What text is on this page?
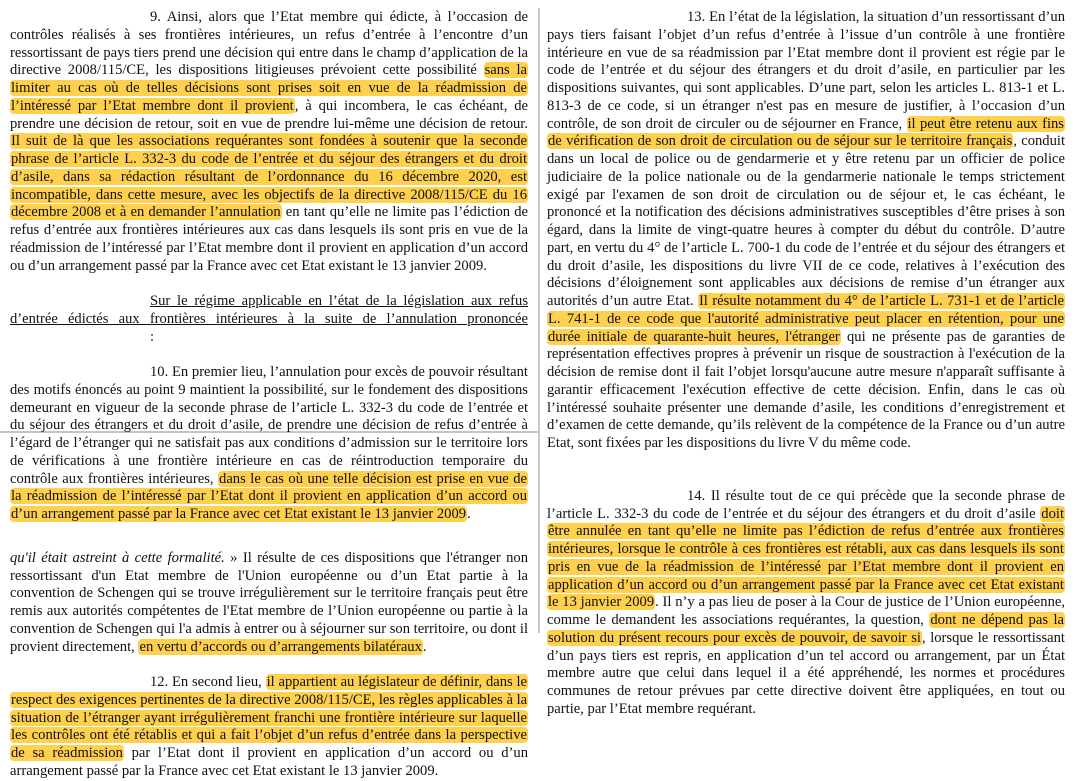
9. Ainsi, alors que l’Etat membre qui édicte, à l’occasion de contrôles réalisés à ses frontières intérieures, un refus d’entrée à l’encontre d’un ressortissant de pays tiers prend une décision qui entre dans le champ d’application de la directive 2008/115/CE, les dispositions litigieuses prévoient cette possibilité sans la limiter au cas où de telles décisions sont prises soit en vue de la réadmission de l’intéressé par l’Etat membre dont il provient, à qui incombera, le cas échéant, de prendre une décision de retour, soit en vue de prendre lui-même une décision de retour. Il suit de là que les associations requérantes sont fondées à soutenir que la seconde phrase de l’article L. 332-3 du code de l’entrée et du séjour des étrangers et du droit d’asile, dans sa rédaction résultant de l’ordonnance du 16 décembre 2020, est incompatible, dans cette mesure, avec les objectifs de la directive 2008/115/CE du 16 décembre 2008 et à en demander l’annulation en tant qu’elle ne limite pas l’édiction de refus d’entrée aux frontières intérieures aux cas dans lesquels ils sont pris en vue de la réadmission de l’intéressé par l’Etat membre dont il provient en application d’un accord ou d’un arrangement passé par la France avec cet Etat existant le 13 janvier 2009.

Sur le régime applicable en l’état de la législation aux refus d’entrée édictés aux frontières intérieures à la suite de l’annulation prononcée:

10. En premier lieu, l’annulation pour excès de pouvoir résultant des motifs énoncés au point 9 maintient la possibilité, sur le fondement des dispositions demeurant en vigueur de la seconde phrase de l’article L. 332-3 du code de l’entrée et du séjour des étrangers et du droit d’asile, de prendre une décision de refus d’entrée à l’égard de l’étranger qui ne satisfait pas aux conditions d’admission sur le territoire lors de vérifications à une frontière intérieure en cas de réintroduction temporaire du contrôle aux frontières intérieures, dans le cas où une telle décision est prise en vue de la réadmission de l’intéressé par l’Etat dont il provient en application d’un accord ou d’un arrangement passé par la France avec cet Etat existant le 13 janvier 2009.

qu'il était astreint à cette formalité. » Il résulte de ces dispositions que l'étranger non ressortissant d'un Etat membre de l'Union européenne ou d’un Etat partie à la convention de Schengen qui se trouve irrégulièrement sur le territoire français peut être remis aux autorités compétentes de l'Etat membre de l’Union européenne ou partie à la convention de Schengen qui l'a admis à entrer ou à séjourner sur son territoire, ou dont il provient directement, en vertu d’accords ou d’arrangements bilatéraux.

12. En second lieu, il appartient au législateur de définir, dans le respect des exigences pertinentes de la directive 2008/115/CE, les règles applicables à la situation de l’étranger ayant irrégulièrement franchi une frontière intérieure sur laquelle les contrôles ont été rétablis et qui a fait l’objet d’un refus d’entrée dans la perspective de sa réadmission par l’Etat dont il provient en application d’un accord ou d’un arrangement passé par la France avec cet Etat existant le 13 janvier 2009.

13. En l’état de la législation, la situation d’un ressortissant d’un pays tiers faisant l’objet d’un refus d’entrée à l’issue d’un contrôle à une frontière intérieure en vue de sa réadmission par l’Etat membre dont il provient est régie par le code de l’entrée et du séjour des étrangers et du droit d’asile, en particulier par les dispositions suivantes, qui sont applicables. D’une part, selon les articles L. 813-1 et L. 813-3 de ce code, si un étranger n'est pas en mesure de justifier, à l’occasion d’un contrôle, de son droit de circuler ou de séjourner en France, il peut être retenu aux fins de vérification de son droit de circulation ou de séjour sur le territoire français, conduit dans un local de police ou de gendarmerie et y être retenu par un officier de police judiciaire de la police nationale ou de la gendarmerie nationale le temps strictement exigé par l'examen de son droit de circulation ou de séjour et, le cas échéant, le prononcé et la notification des décisions administratives susceptibles d’être prises à son égard, dans la limite de vingt-quatre heures à compter du début du contrôle. D’autre part, en vertu du 4° de l’article L. 700-1 du code de l’entrée et du séjour des étrangers et du droit d’asile, les dispositions du livre VII de ce code, relatives à l’exécution des décisions d’éloignement sont applicables aux décisions de remise d’un étranger aux autorités d’un autre Etat. Il résulte notamment du 4° de l’article L. 731-1 et de l’article L. 741-1 de ce code que l'autorité administrative peut placer en rétention, pour une durée initiale de quarante-huit heures, l'étranger qui ne présente pas de garanties de représentation effectives propres à prévenir un risque de soustraction à l'exécution de la décision de remise dont il fait l’objet lorsqu'aucune autre mesure n'apparaît suffisante à garantir efficacement l'exécution effective de cette décision. Enfin, dans le cas où l’intéressé souhaite présenter une demande d’asile, les conditions d’enregistrement et d’examen de cette demande, qu’ils relèvent de la compétence de la France ou d’un autre Etat, sont fixées par les dispositions du livre V du même code.

14. Il résulte tout de ce qui précède que la seconde phrase de l’article L. 332-3 du code de l’entrée et du séjour des étrangers et du droit d’asile doit être annulée en tant qu’elle ne limite pas l’édiction de refus d’entrée aux frontières intérieures, lorsque le contrôle à ces frontières est rétabli, aux cas dans lesquels ils sont pris en vue de la réadmission de l’intéressé par l’Etat membre dont il provient en application d’un accord ou d’un arrangement passé par la France avec cet Etat existant le 13 janvier 2009. Il n’y a pas lieu de poser à la Cour de justice de l’Union européenne, comme le demandent les associations requérantes, la question, dont ne dépend pas la solution du présent recours pour excès de pouvoir, de savoir si, lorsque le ressortissant d’un pays tiers est repris, en application d’un tel accord ou arrangement, par un État membre autre que celui dans lequel il a été appréhendé, les normes et procédures communes de retour prévues par cette directive doivent être appliquées, en tout ou partie, par l’Etat membre requérant.
